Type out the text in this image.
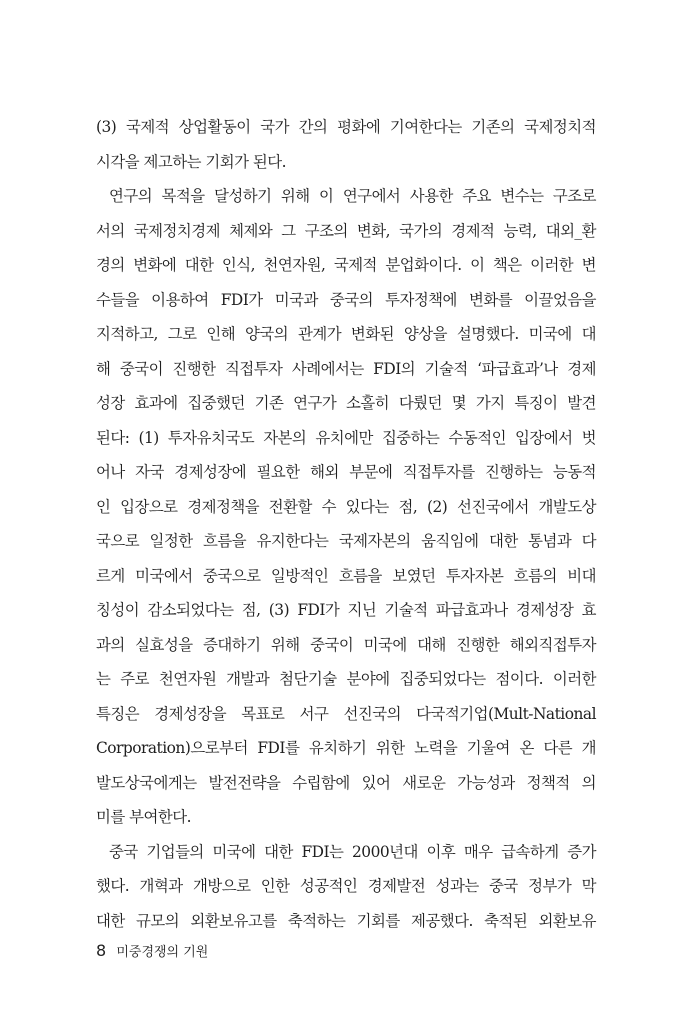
(3) 국제적 상업활동이 국가 간의 평화에 기여한다는 기존의 국제정치적
시각을 제고하는 기회가 된다.
연구의 목적을 달성하기 위해 이 연구에서 사용한 주요 변수는 구조로
서의 국제정치경제 체제와 그 구조의 변화, 국가의 경제적 능력, 대외_환
경의 변화에 대한 인식, 천연자원, 국제적 분업화이다. 이 책은 이러한 변
수들을 이용하여 FDI가 미국과 중국의 투자정책에 변화를 이끌었음을
지적하고, 그로 인해 양국의 관계가 변화된 양상을 설명했다. 미국에 대
해 중국이 진행한 직접투자 사례에서는 FDI의 기술적 ‘파급효과’나 경제
성장 효과에 집중했던 기존 연구가 소홀히 다뤘던 몇 가지 특징이 발견
된다: (1) 투자유치국도 자본의 유치에만 집중하는 수동적인 입장에서 벗
어나 자국 경제성장에 필요한 해외 부문에 직접투자를 진행하는 능동적
인 입장으로 경제정책을 전환할 수 있다는 점, (2) 선진국에서 개발도상
국으로 일정한 흐름을 유지한다는 국제자본의 움직임에 대한 통념과 다
르게 미국에서 중국으로 일방적인 흐름을 보였던 투자자본 흐름의 비대
칭성이 감소되었다는 점, (3) FDI가 지닌 기술적 파급효과나 경제성장 효
과의 실효성을 증대하기 위해 중국이 미국에 대해 진행한 해외직접투자
는 주로 천연자원 개발과 첨단기술 분야에 집중되었다는 점이다. 이러한
특징은 경제성장을 목표로 서구 선진국의 다국적기업(Mult-National
Corporation)으로부터 FDI를 유치하기 위한 노력을 기울여 온 다른 개
발도상국에게는 발전전략을 수립함에 있어 새로운 가능성과 정책적 의
미를 부여한다.
중국 기업들의 미국에 대한 FDI는 2000년대 이후 매우 급속하게 증가
했다. 개혁과 개방으로 인한 성공적인 경제발전 성과는 중국 정부가 막
대한 규모의 외환보유고를 축적하는 기회를 제공했다. 축적된 외환보유
8 미중경쟁의 기원
